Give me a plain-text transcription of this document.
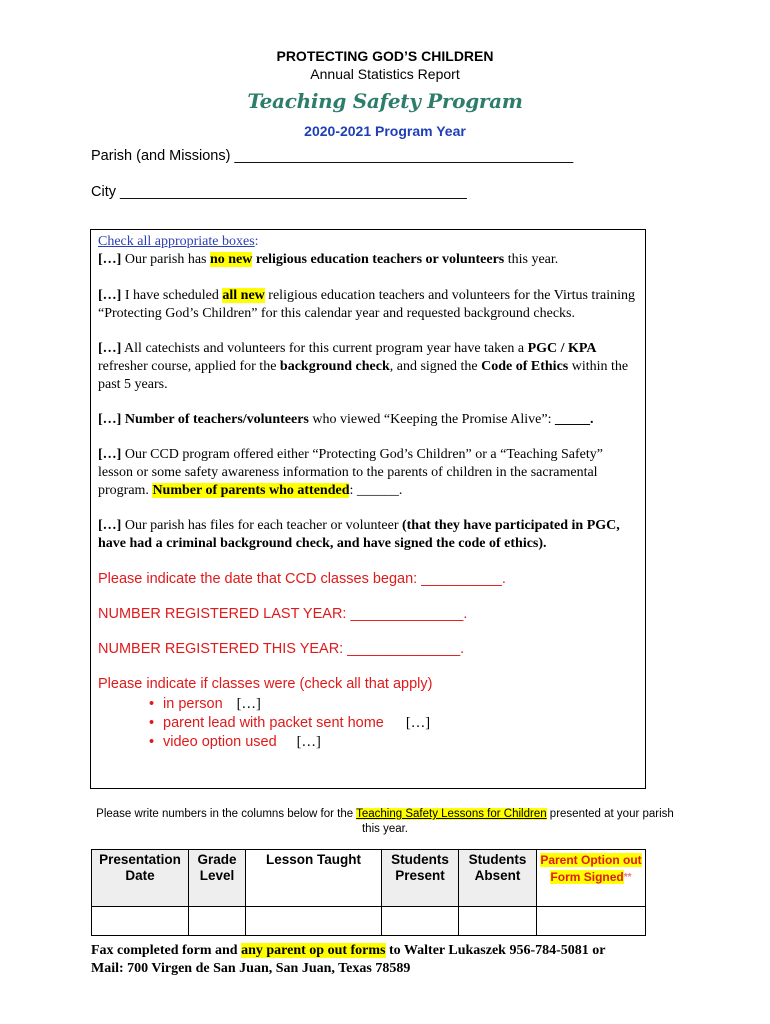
PROTECTING GOD’S CHILDREN
Annual Statistics Report
Teaching Safety Program
2020-2021 Program Year
Parish (and Missions) __________________________________________
City ___________________________________________
Check all appropriate boxes:
[…] Our parish has no new religious education teachers or volunteers this year.
[…] I have scheduled all new religious education teachers and volunteers for the Virtus training “Protecting God’s Children” for this calendar year and requested background checks.
[…] All catechists and volunteers for this current program year have taken a PGC / KPA refresher course, applied for the background check, and signed the Code of Ethics within the past 5 years.
[…] Number of teachers/volunteers who viewed “Keeping the Promise Alive”: _____.
[…] Our CCD program offered either “Protecting God’s Children” or a “Teaching Safety” lesson or some safety awareness information to the parents of children in the sacramental program. Number of parents who attended: ______.
[…] Our parish has files for each teacher or volunteer (that they have participated in PGC, have had a criminal background check, and have signed the code of ethics).
Please indicate the date that CCD classes began: __________.
NUMBER REGISTERED LAST YEAR: ______________.
NUMBER REGISTERED THIS YEAR: ______________.
Please indicate if classes were (check all that apply)
• in person […]
• parent lead with packet sent home […]
• video option used […]
Please write numbers in the columns below for the Teaching Safety Lessons for Children presented at your parish this year.
Presentation Date	Grade Level	Lesson Taught	Students Present	Students Absent	Parent Option out Form Signed**

Fax completed form and any parent op out forms to Walter Lukaszek 956-784-5081 or
Mail: 700 Virgen de San Juan, San Juan, Texas 78589
